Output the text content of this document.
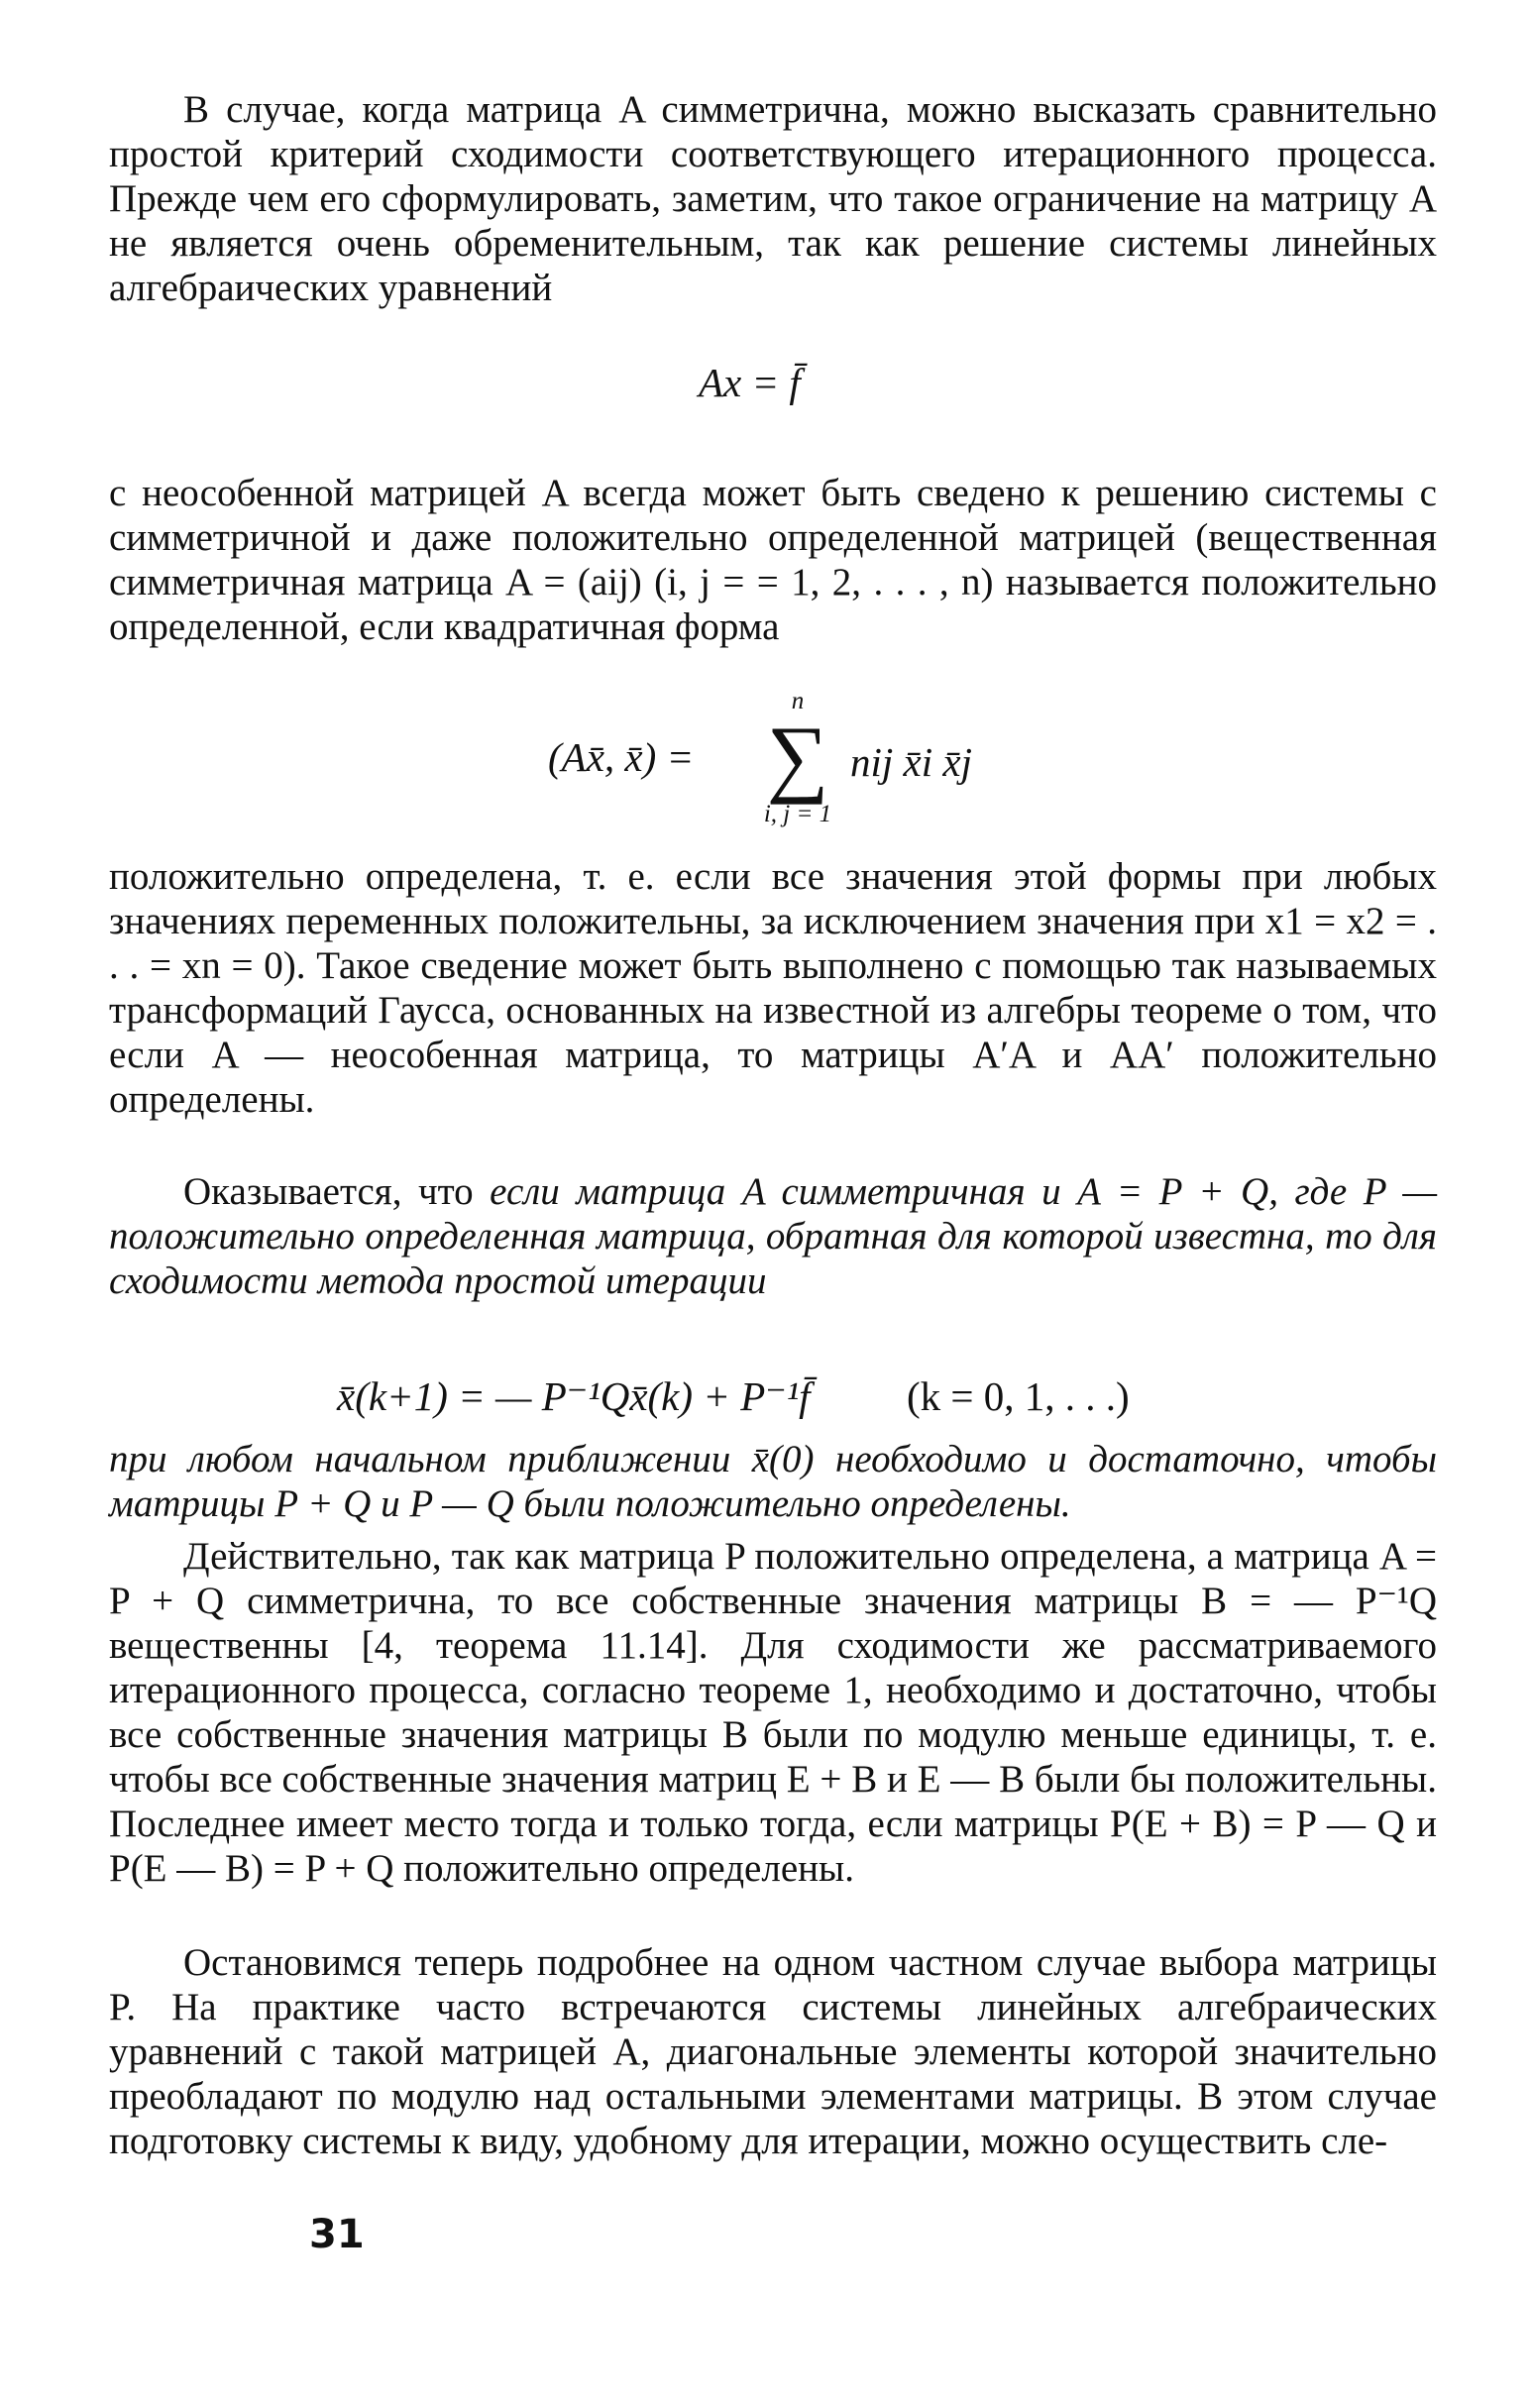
В случае, когда матрица A симметрична, можно высказать сравнительно простой критерий сходимости соответствующего итерационного процесса. Прежде чем его сформулировать, заметим, что такое ограничение на матрицу A не является очень обременительным, так как решение системы линейных алгебраических уравнений

Ax = f̄

с неособенной матрицей A всегда может быть сведено к решению системы с симметричной и даже положительно определенной матрицей (вещественная симметричная матрица A = (aij) (i, j = = 1, 2, . . . , n) называется положительно определенной, если квадратичная форма

(Ax̄, x̄) =
n
∑
i, j = 1
nij x̄i x̄j

положительно определена, т. е. если все значения этой формы при любых значениях переменных положительны, за исключением значения при x1 = x2 = . . . = xn = 0). Такое сведение может быть выполнено с помощью так называемых трансформаций Гаусса, основанных на известной из алгебры теореме о том, что если A — неособенная матрица, то матрицы A′A и AA′ положительно определены.

Оказывается, что если матрица A симметричная и A = P + Q, где P — положительно определенная матрица, обратная для которой известна, то для сходимости метода простой итерации

x̄(k+1) = — P⁻¹Qx̄(k) + P⁻¹f̄ (k = 0, 1, . . .)

при любом начальном приближении x̄(0) необходимо и достаточно, чтобы матрицы P + Q и P — Q были положительно определены.

Действительно, так как матрица P положительно определена, а матрица A = P + Q симметрична, то все собственные значения матрицы B = — P⁻¹Q вещественны [4, теорема 11.14]. Для сходимости же рассматриваемого итерационного процесса, согласно теореме 1, необходимо и достаточно, чтобы все собственные значения матрицы B были по модулю меньше единицы, т. е. чтобы все собственные значения матриц E + B и E — B были бы положительны. Последнее имеет место тогда и только тогда, если матрицы P(E + B) = P — Q и P(E — B) = P + Q положительно определены.

Остановимся теперь подробнее на одном частном случае выбора матрицы P. На практике часто встречаются системы линейных алгебраических уравнений с такой матрицей A, диагональные элементы которой значительно преобладают по модулю над остальными элементами матрицы. В этом случае подготовку системы к виду, удобному для итерации, можно осуществить сле-

31
